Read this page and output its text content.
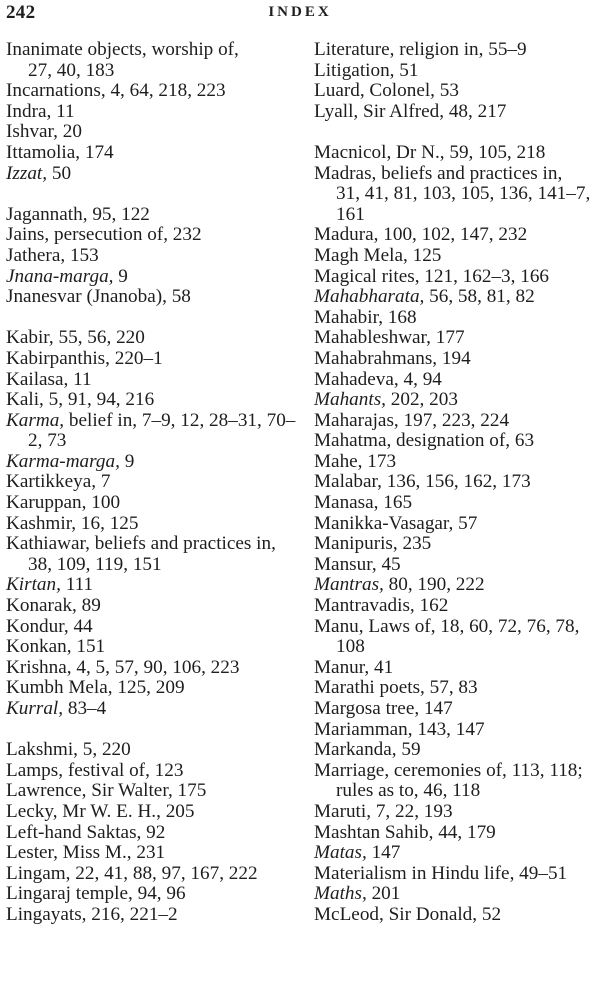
242	INDEX
Inanimate objects, worship of,
27, 40, 183
Incarnations, 4, 64, 218, 223
Indra, 11
Ishvar, 20
Ittamolia, 174
Izzat, 50
Jagannath, 95, 122
Jains, persecution of, 232
Jathera, 153
Jnana-marga, 9
Jnanesvar (Jnanoba), 58
Kabir, 55, 56, 220
Kabirpanthis, 220–1
Kailasa, 11
Kali, 5, 91, 94, 216
Karma, belief in, 7–9, 12, 28–31, 70–2, 73
Karma-marga, 9
Kartikkeya, 7
Karuppan, 100
Kashmir, 16, 125
Kathiawar, beliefs and practices in, 38, 109, 119, 151
Kirtan, 111
Konarak, 89
Kondur, 44
Konkan, 151
Krishna, 4, 5, 57, 90, 106, 223
Kumbh Mela, 125, 209
Kurral, 83–4
Lakshmi, 5, 220
Lamps, festival of, 123
Lawrence, Sir Walter, 175
Lecky, Mr W. E. H., 205
Left-hand Saktas, 92
Lester, Miss M., 231
Lingam, 22, 41, 88, 97, 167, 222
Lingaraj temple, 94, 96
Lingayats, 216, 221–2
Literature, religion in, 55–9
Litigation, 51
Luard, Colonel, 53
Lyall, Sir Alfred, 48, 217
Macnicol, Dr N., 59, 105, 218
Madras, beliefs and practices in,
31, 41, 81, 103, 105, 136, 141–7, 161
Madura, 100, 102, 147, 232
Magh Mela, 125
Magical rites, 121, 162–3, 166
Mahabharata, 56, 58, 81, 82
Mahabir, 168
Mahableshwar, 177
Mahabrahmans, 194
Mahadeva, 4, 94
Mahants, 202, 203
Maharajas, 197, 223, 224
Mahatma, designation of, 63
Mahe, 173
Malabar, 136, 156, 162, 173
Manasa, 165
Manikka-Vasagar, 57
Manipuris, 235
Mansur, 45
Mantras, 80, 190, 222
Mantravadis, 162
Manu, Laws of, 18, 60, 72, 76, 78, 108
Manur, 41
Marathi poets, 57, 83
Margosa tree, 147
Mariamman, 143, 147
Markanda, 59
Marriage, ceremonies of, 113, 118; rules as to, 46, 118
Maruti, 7, 22, 193
Mashtan Sahib, 44, 179
Matas, 147
Materialism in Hindu life, 49–51
Maths, 201
McLeod, Sir Donald, 52
